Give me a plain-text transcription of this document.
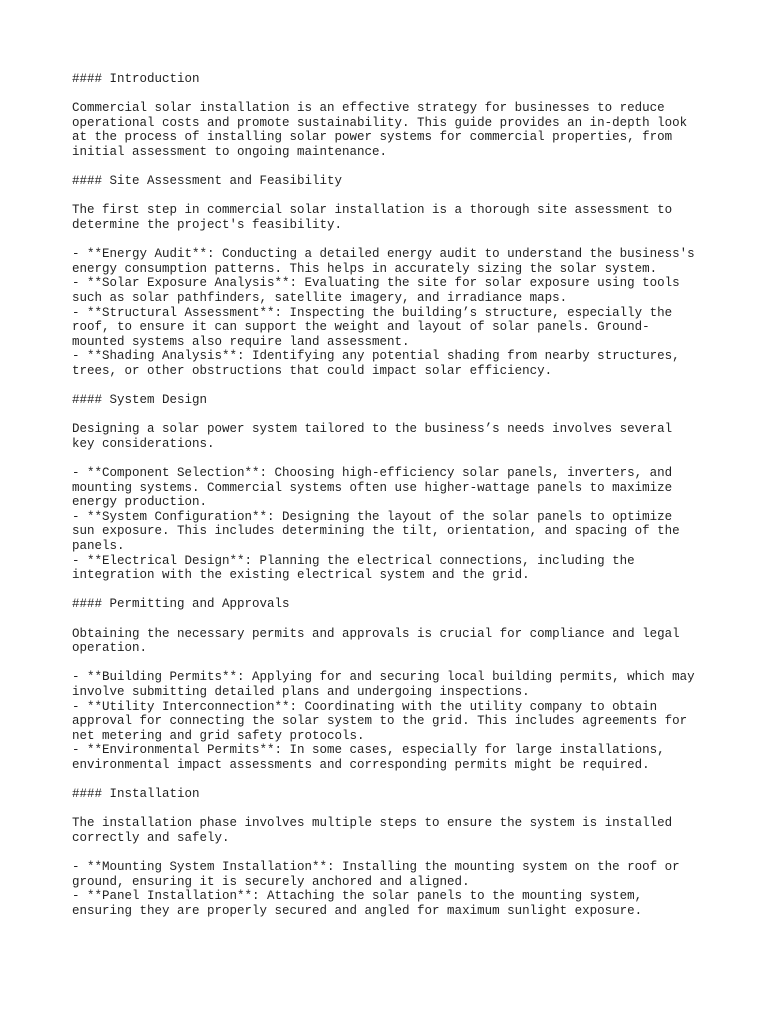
#### Introduction
Commercial solar installation is an effective strategy for businesses to reduce
operational costs and promote sustainability. This guide provides an in-depth look
at the process of installing solar power systems for commercial properties, from
initial assessment to ongoing maintenance.
#### Site Assessment and Feasibility
The first step in commercial solar installation is a thorough site assessment to
determine the project's feasibility.
- **Energy Audit**: Conducting a detailed energy audit to understand the business's
energy consumption patterns. This helps in accurately sizing the solar system.
- **Solar Exposure Analysis**: Evaluating the site for solar exposure using tools
such as solar pathfinders, satellite imagery, and irradiance maps.
- **Structural Assessment**: Inspecting the building’s structure, especially the
roof, to ensure it can support the weight and layout of solar panels. Ground-
mounted systems also require land assessment.
- **Shading Analysis**: Identifying any potential shading from nearby structures,
trees, or other obstructions that could impact solar efficiency.
#### System Design
Designing a solar power system tailored to the business’s needs involves several
key considerations.
- **Component Selection**: Choosing high-efficiency solar panels, inverters, and
mounting systems. Commercial systems often use higher-wattage panels to maximize
energy production.
- **System Configuration**: Designing the layout of the solar panels to optimize
sun exposure. This includes determining the tilt, orientation, and spacing of the
panels.
- **Electrical Design**: Planning the electrical connections, including the
integration with the existing electrical system and the grid.
#### Permitting and Approvals
Obtaining the necessary permits and approvals is crucial for compliance and legal
operation.
- **Building Permits**: Applying for and securing local building permits, which may
involve submitting detailed plans and undergoing inspections.
- **Utility Interconnection**: Coordinating with the utility company to obtain
approval for connecting the solar system to the grid. This includes agreements for
net metering and grid safety protocols.
- **Environmental Permits**: In some cases, especially for large installations,
environmental impact assessments and corresponding permits might be required.
#### Installation
The installation phase involves multiple steps to ensure the system is installed
correctly and safely.
- **Mounting System Installation**: Installing the mounting system on the roof or
ground, ensuring it is securely anchored and aligned.
- **Panel Installation**: Attaching the solar panels to the mounting system,
ensuring they are properly secured and angled for maximum sunlight exposure.
